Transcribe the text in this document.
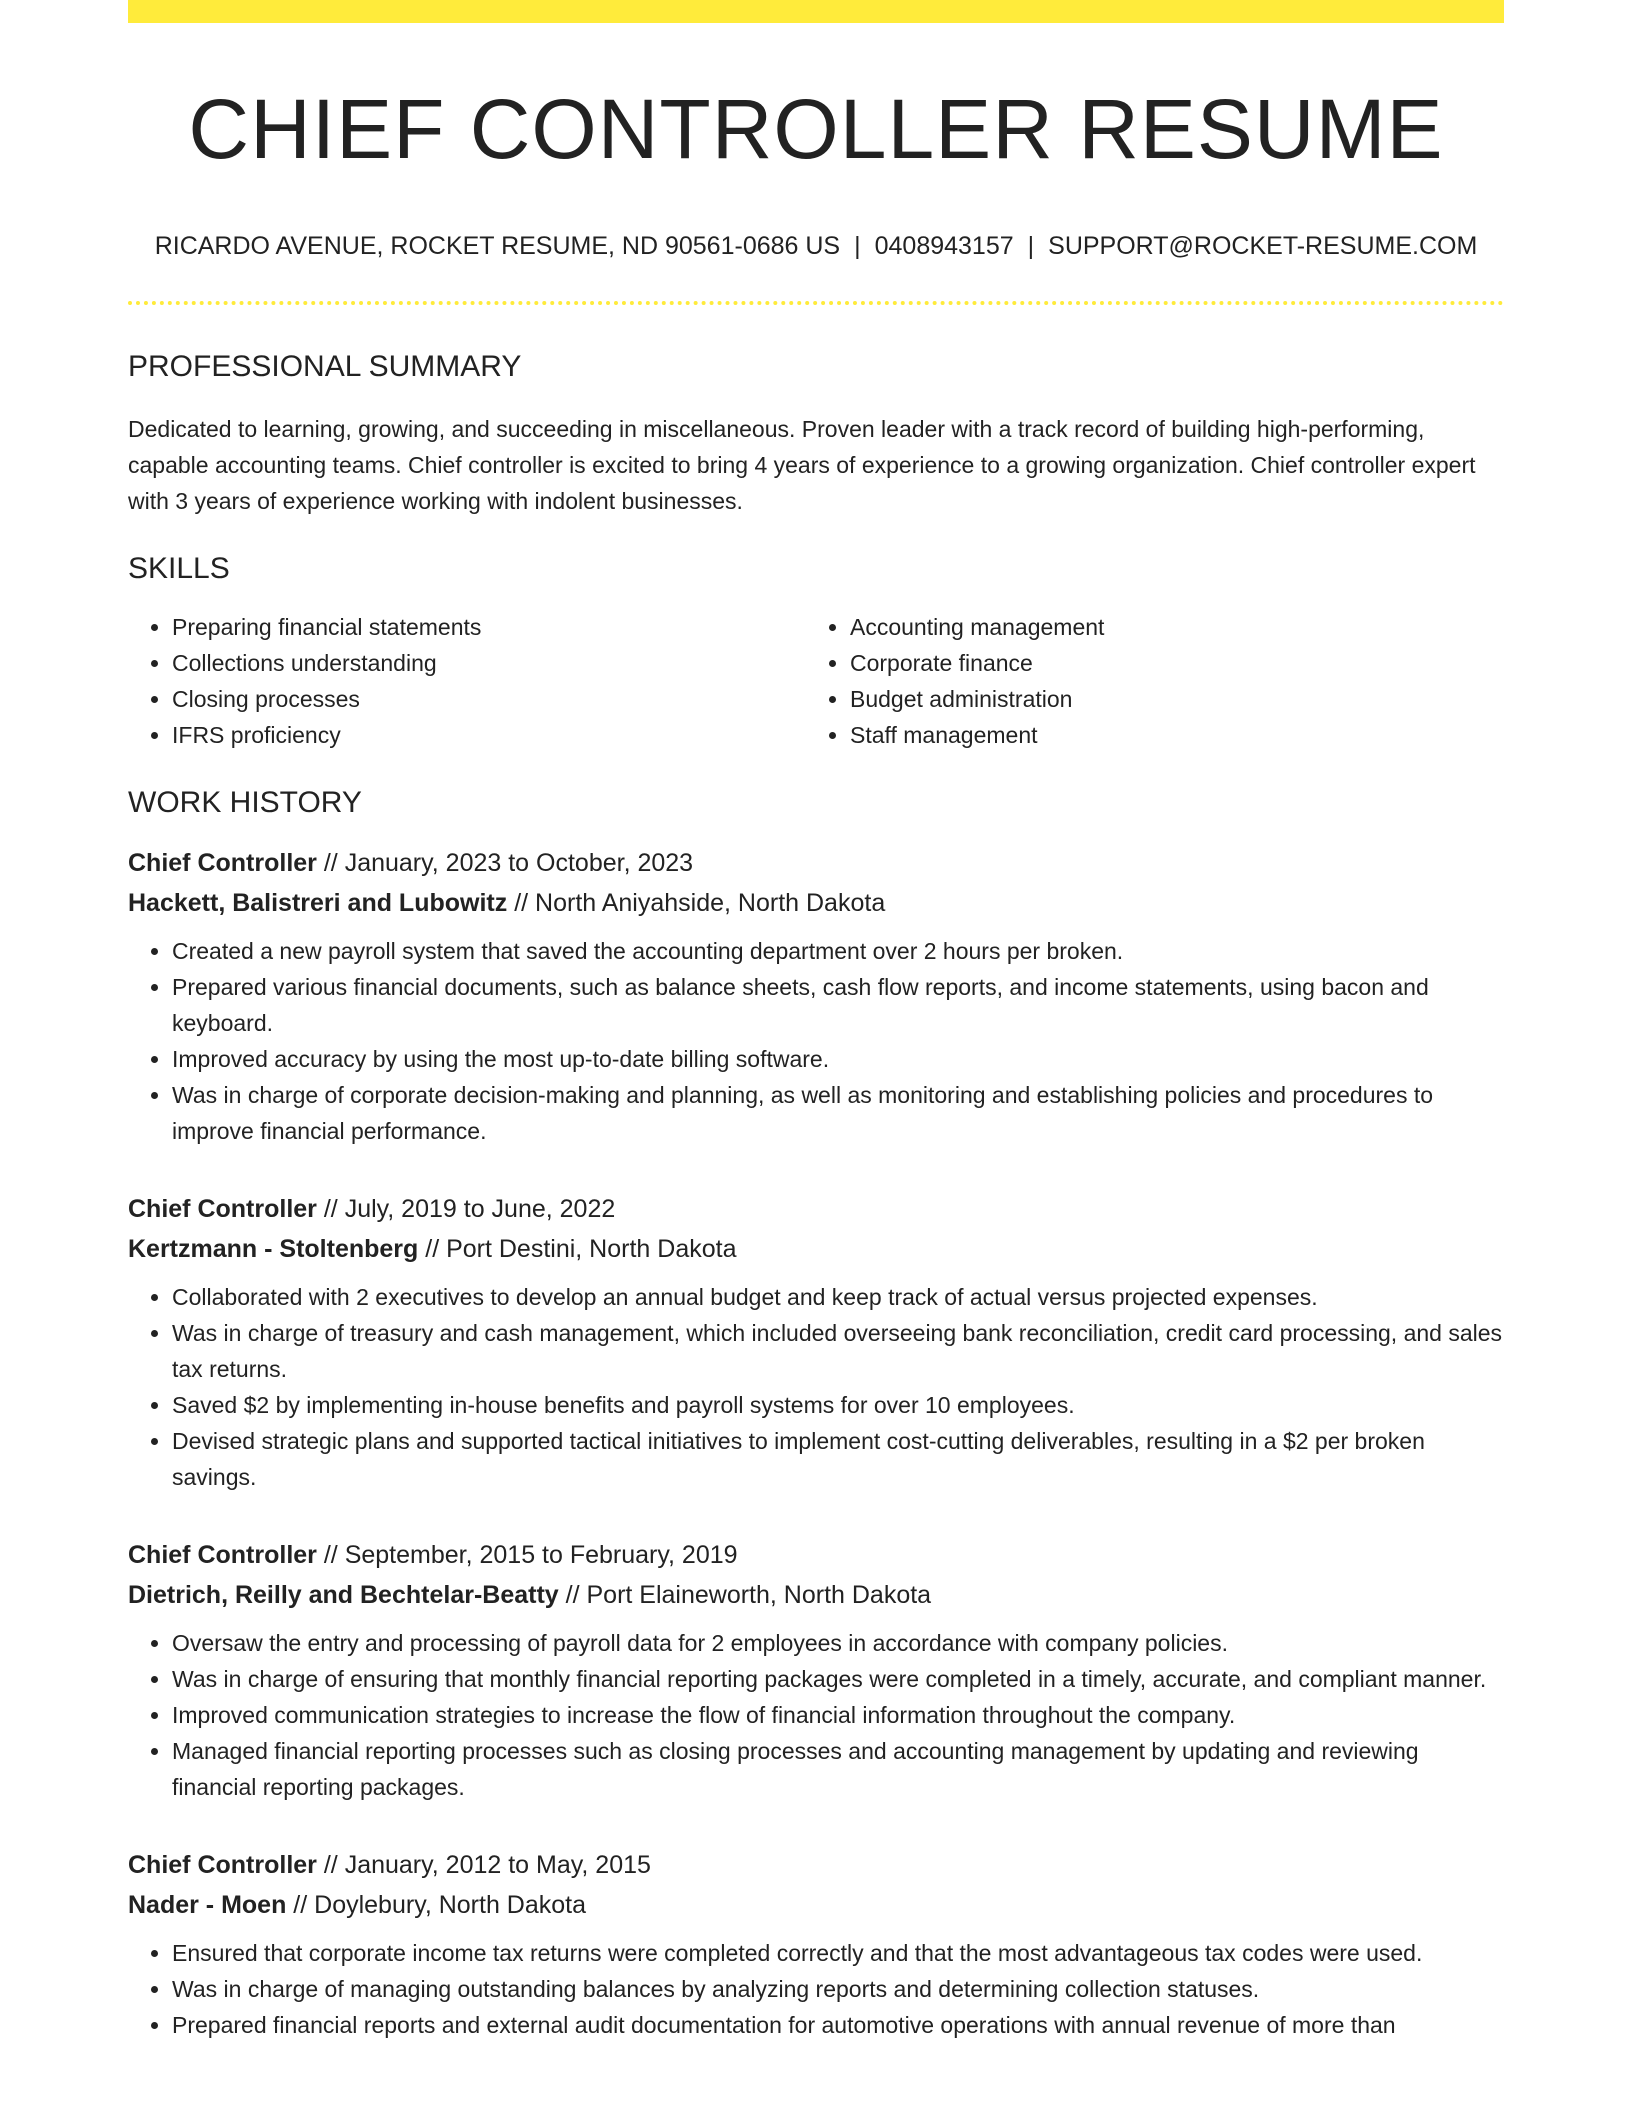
CHIEF CONTROLLER RESUME
RICARDO AVENUE, ROCKET RESUME, ND 90561-0686 US | 0408943157 | SUPPORT@ROCKET-RESUME.COM
PROFESSIONAL SUMMARY

Dedicated to learning, growing, and succeeding in miscellaneous. Proven leader with a track record of building high-performing, capable accounting teams. Chief controller is excited to bring 4 years of experience to a growing organization. Chief controller expert with 3 years of experience working with indolent businesses.

SKILLS
• Preparing financial statements
• Collections understanding
• Closing processes
• IFRS proficiency
• Accounting management
• Corporate finance
• Budget administration
• Staff management
WORK HISTORY
Chief Controller // January, 2023 to October, 2023
Hackett, Balistreri and Lubowitz // North Aniyahside, North Dakota
• Created a new payroll system that saved the accounting department over 2 hours per broken.
• Prepared various financial documents, such as balance sheets, cash flow reports, and income statements, using bacon and keyboard.
• Improved accuracy by using the most up-to-date billing software.
• Was in charge of corporate decision-making and planning, as well as monitoring and establishing policies and procedures to improve financial performance.
Chief Controller // July, 2019 to June, 2022
Kertzmann - Stoltenberg // Port Destini, North Dakota
• Collaborated with 2 executives to develop an annual budget and keep track of actual versus projected expenses.
• Was in charge of treasury and cash management, which included overseeing bank reconciliation, credit card processing, and sales tax returns.
• Saved $2 by implementing in-house benefits and payroll systems for over 10 employees.
• Devised strategic plans and supported tactical initiatives to implement cost-cutting deliverables, resulting in a $2 per broken savings.
Chief Controller // September, 2015 to February, 2019
Dietrich, Reilly and Bechtelar-Beatty // Port Elaineworth, North Dakota
• Oversaw the entry and processing of payroll data for 2 employees in accordance with company policies.
• Was in charge of ensuring that monthly financial reporting packages were completed in a timely, accurate, and compliant manner.
• Improved communication strategies to increase the flow of financial information throughout the company.
• Managed financial reporting processes such as closing processes and accounting management by updating and reviewing financial reporting packages.
Chief Controller // January, 2012 to May, 2015
Nader - Moen // Doylebury, North Dakota
• Ensured that corporate income tax returns were completed correctly and that the most advantageous tax codes were used.
• Was in charge of managing outstanding balances by analyzing reports and determining collection statuses.
• Prepared financial reports and external audit documentation for automotive operations with annual revenue of more than
